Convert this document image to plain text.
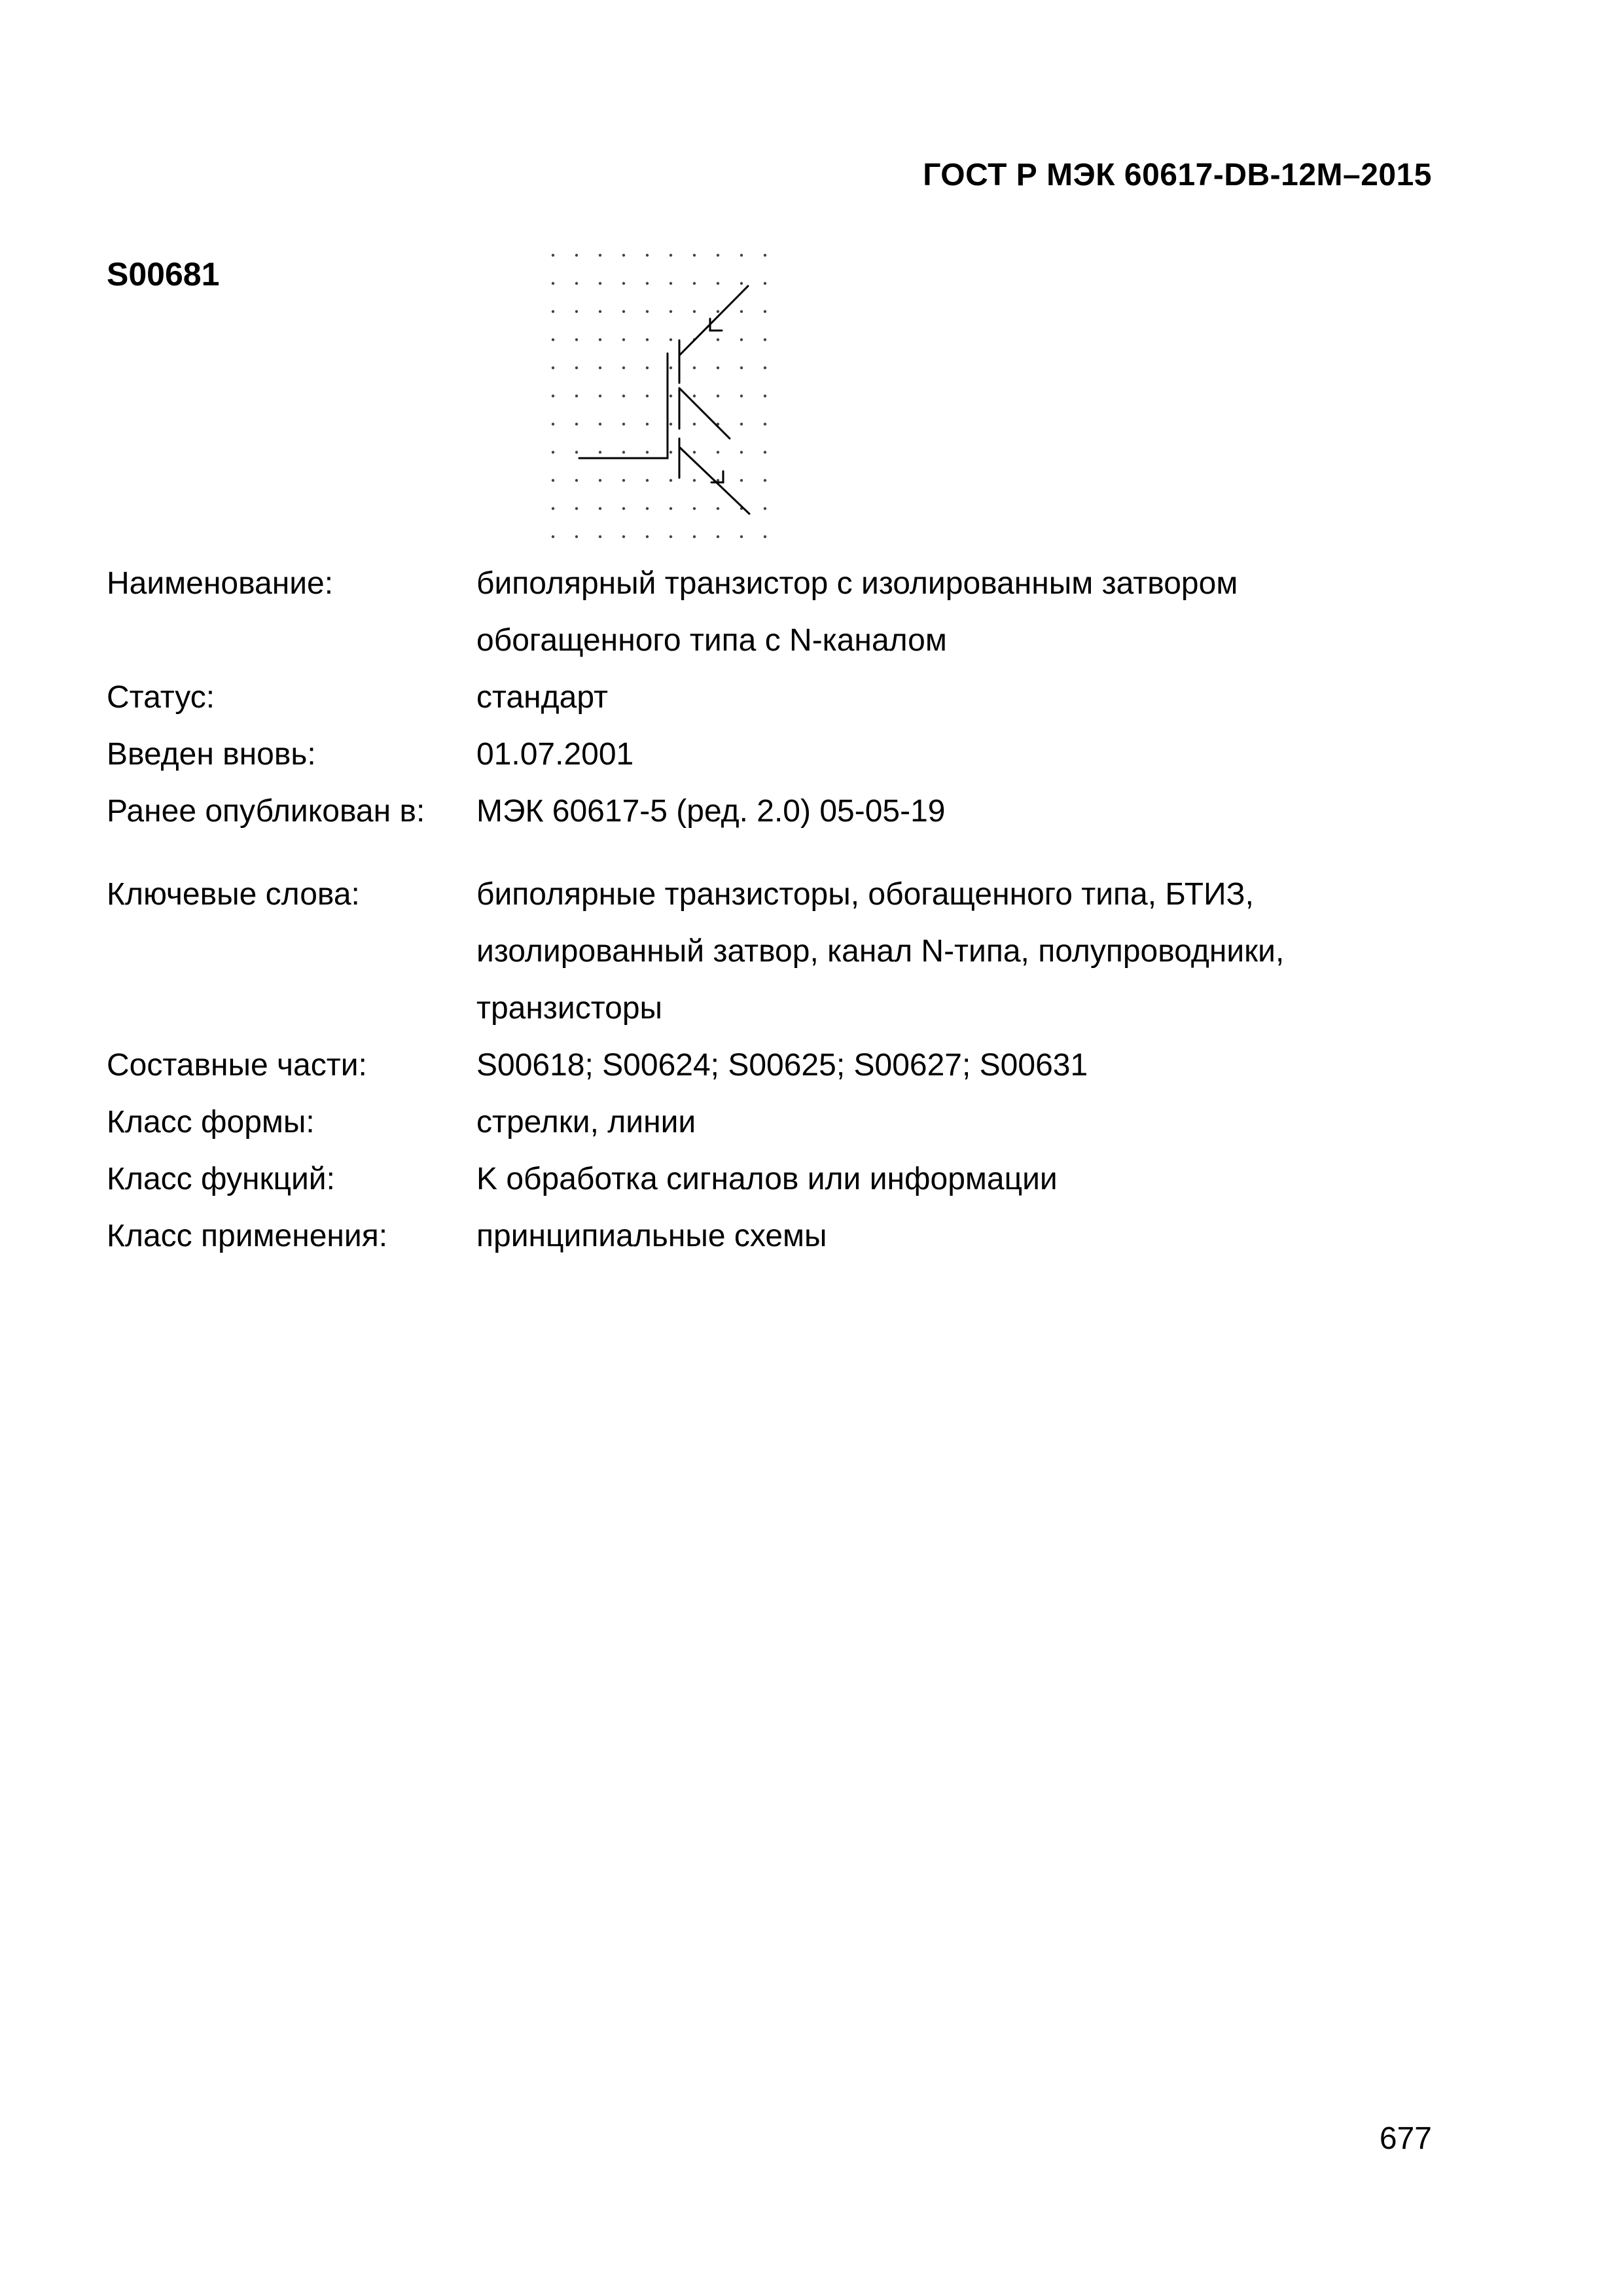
ГОСТ Р МЭК 60617-DB-12M–2015
S00681
Наименование:	биполярный транзистор с изолированным затвором
обогащенного типа с N-каналом
Статус:	стандарт
Введен вновь:	01.07.2001
Ранее опубликован в:	МЭК 60617-5 (ред. 2.0) 05-05-19
Ключевые слова:	биполярные транзисторы, обогащенного типа, БТИЗ,
изолированный затвор, канал N-типа, полупроводники,
транзисторы
Составные части:	S00618; S00624; S00625; S00627; S00631
Класс формы:	стрелки, линии
Класс функций:	K обработка сигналов или информации
Класс применения:	принципиальные схемы
677
